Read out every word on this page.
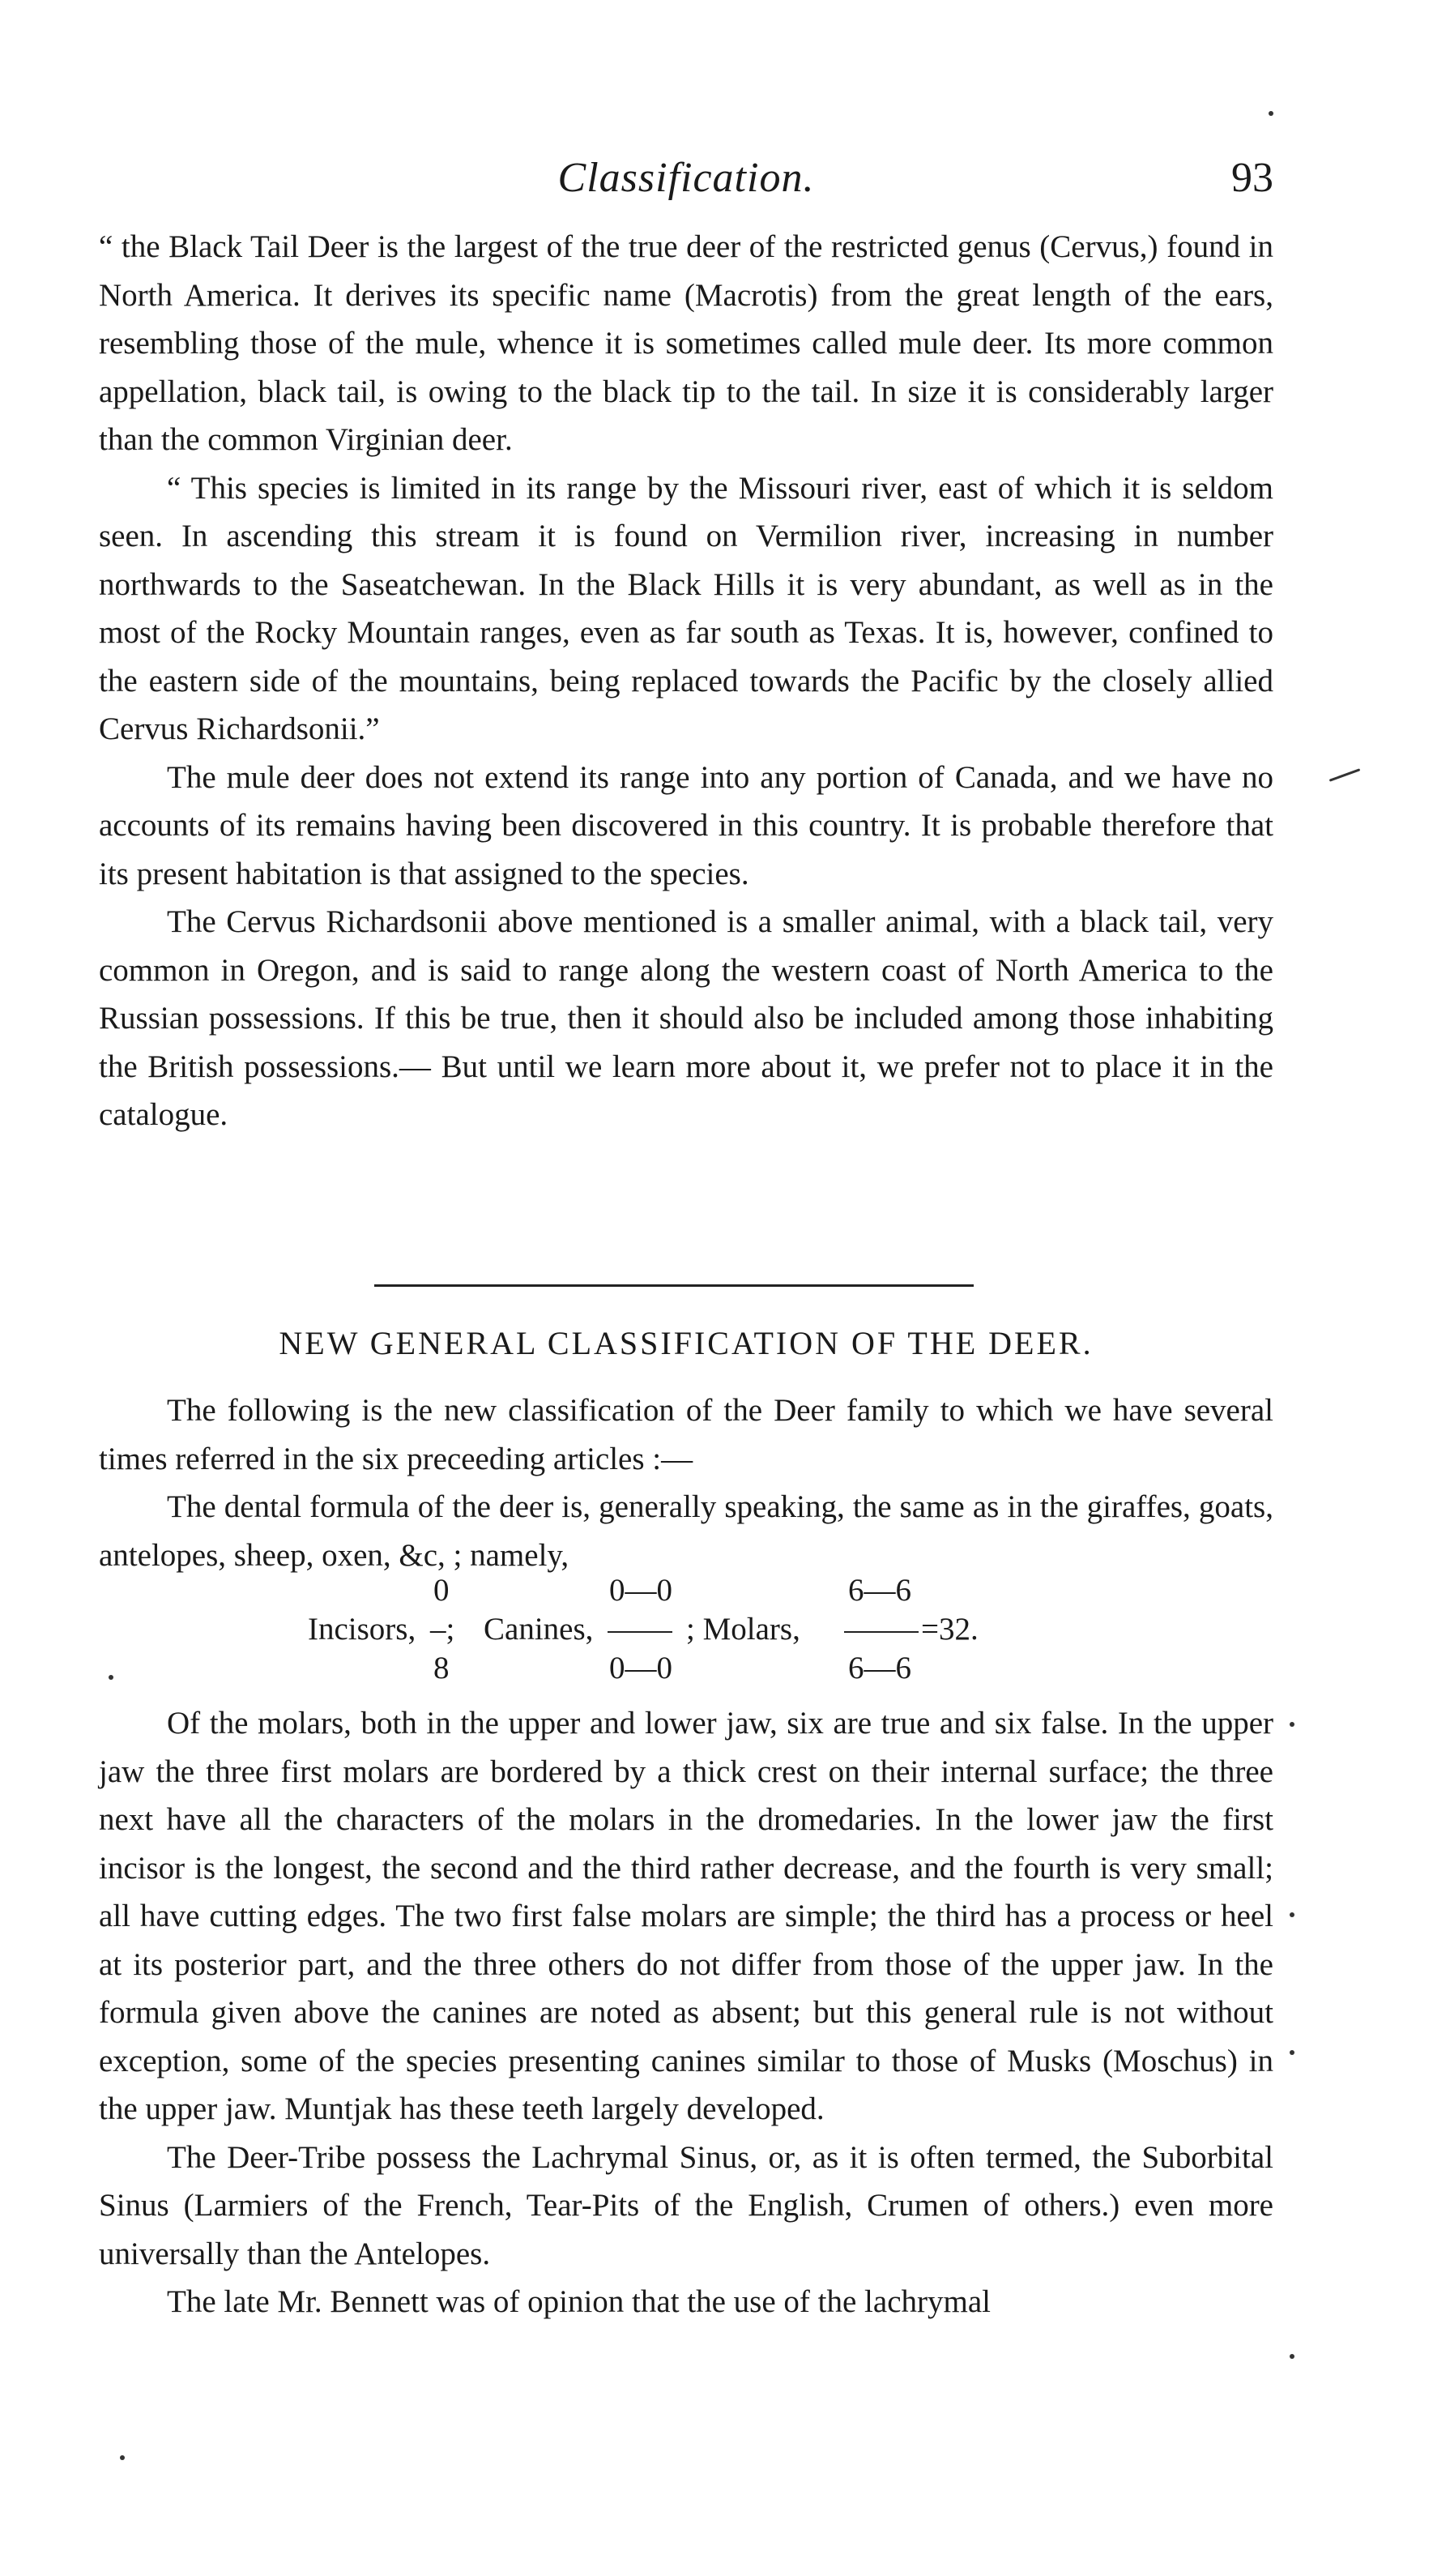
Classification.	93

“ the Black Tail Deer is the largest of the true deer of the restricted genus (Cervus,) found in North America. It derives its specific name (Macrotis) from the great length of the ears, resembling those of the mule, whence it is sometimes called mule deer. Its more common appellation, black tail, is owing to the black tip to the tail. In size it is considerably larger than the common Virginian deer.

“ This species is limited in its range by the Missouri river, east of which it is seldom seen. In ascending this stream it is found on Vermilion river, increasing in number northwards to the Saseatchewan. In the Black Hills it is very abundant, as well as in the most of the Rocky Mountain ranges, even as far south as Texas. It is, however, confined to the eastern side of the mountains, being replaced towards the Pacific by the closely allied Cervus Richardsonii.”

The mule deer does not extend its range into any portion of Canada, and we have no accounts of its remains having been discovered in this country. It is probable therefore that its present habitation is that assigned to the species.

The Cervus Richardsonii above mentioned is a smaller animal, with a black tail, very common in Oregon, and is said to range along the western coast of North America to the Russian possessions. If this be true, then it should also be included among those inhabiting the British possessions.— But until we learn more about it, we prefer not to place it in the catalogue.

NEW GENERAL CLASSIFICATION OF THE DEER.

The following is the new classification of the Deer family to which we have several times referred in the six preceeding articles :—

The dental formula of the deer is, generally speaking, the same as in the giraffes, goats, antelopes, sheep, oxen, &c, ; namely,

0	0—0	6—6
Incisors, –; Canines,	; Molars,	=32.
8	0—0	6—6

Of the molars, both in the upper and lower jaw, six are true and six false. In the upper jaw the three first molars are bordered by a thick crest on their internal surface; the three next have all the characters of the molars in the dromedaries. In the lower jaw the first incisor is the longest, the second and the third rather decrease, and the fourth is very small; all have cutting edges. The two first false molars are simple; the third has a process or heel at its posterior part, and the three others do not differ from those of the upper jaw. In the formula given above the canines are noted as absent; but this general rule is not without exception, some of the species presenting canines similar to those of Musks (Moschus) in the upper jaw. Muntjak has these teeth largely developed.

The Deer-Tribe possess the Lachrymal Sinus, or, as it is often termed, the Suborbital Sinus (Larmiers of the French, Tear-Pits of the English, Crumen of others.) even more universally than the Antelopes.

The late Mr. Bennett was of opinion that the use of the lachrymal
